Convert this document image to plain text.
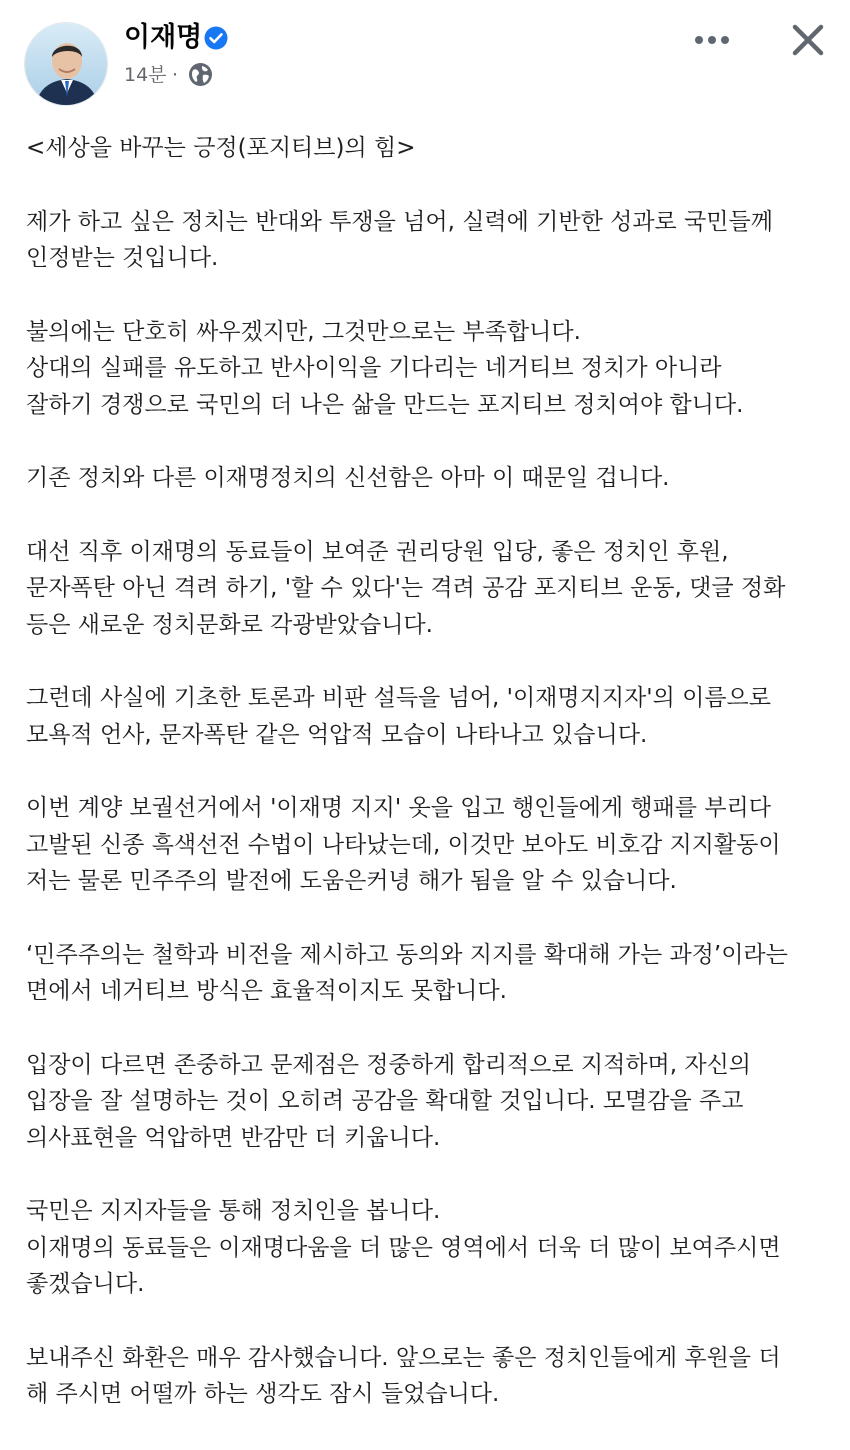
이재명
14분 ·

<세상을 바꾸는 긍정(포지티브)의 힘>

제가 하고 싶은 정치는 반대와 투쟁을 넘어, 실력에 기반한 성과로 국민들께
인정받는 것입니다.

불의에는 단호히 싸우겠지만, 그것만으로는 부족합니다.
상대의 실패를 유도하고 반사이익을 기다리는 네거티브 정치가 아니라
잘하기 경쟁으로 국민의 더 나은 삶을 만드는 포지티브 정치여야 합니다.

기존 정치와 다른 이재명정치의 신선함은 아마 이 때문일 겁니다.

대선 직후 이재명의 동료들이 보여준 권리당원 입당, 좋은 정치인 후원,
문자폭탄 아닌 격려 하기, '할 수 있다'는 격려 공감 포지티브 운동, 댓글 정화
등은 새로운 정치문화로 각광받았습니다.

그런데 사실에 기초한 토론과 비판 설득을 넘어, '이재명지지자'의 이름으로
모욕적 언사, 문자폭탄 같은 억압적 모습이 나타나고 있습니다.

이번 계양 보궐선거에서 '이재명 지지' 옷을 입고 행인들에게 행패를 부리다
고발된 신종 흑색선전 수법이 나타났는데, 이것만 보아도 비호감 지지활동이
저는 물론 민주주의 발전에 도움은커녕 해가 됨을 알 수 있습니다.

‘민주주의는 철학과 비전을 제시하고 동의와 지지를 확대해 가는 과정’이라는
면에서 네거티브 방식은 효율적이지도 못합니다.

입장이 다르면 존중하고 문제점은 정중하게 합리적으로 지적하며, 자신의
입장을 잘 설명하는 것이 오히려 공감을 확대할 것입니다. 모멸감을 주고
의사표현을 억압하면 반감만 더 키웁니다.

국민은 지지자들을 통해 정치인을 봅니다.
이재명의 동료들은 이재명다움을 더 많은 영역에서 더욱 더 많이 보여주시면
좋겠습니다.

보내주신 화환은 매우 감사했습니다. 앞으로는 좋은 정치인들에게 후원을 더
해 주시면 어떨까 하는 생각도 잠시 들었습니다.
